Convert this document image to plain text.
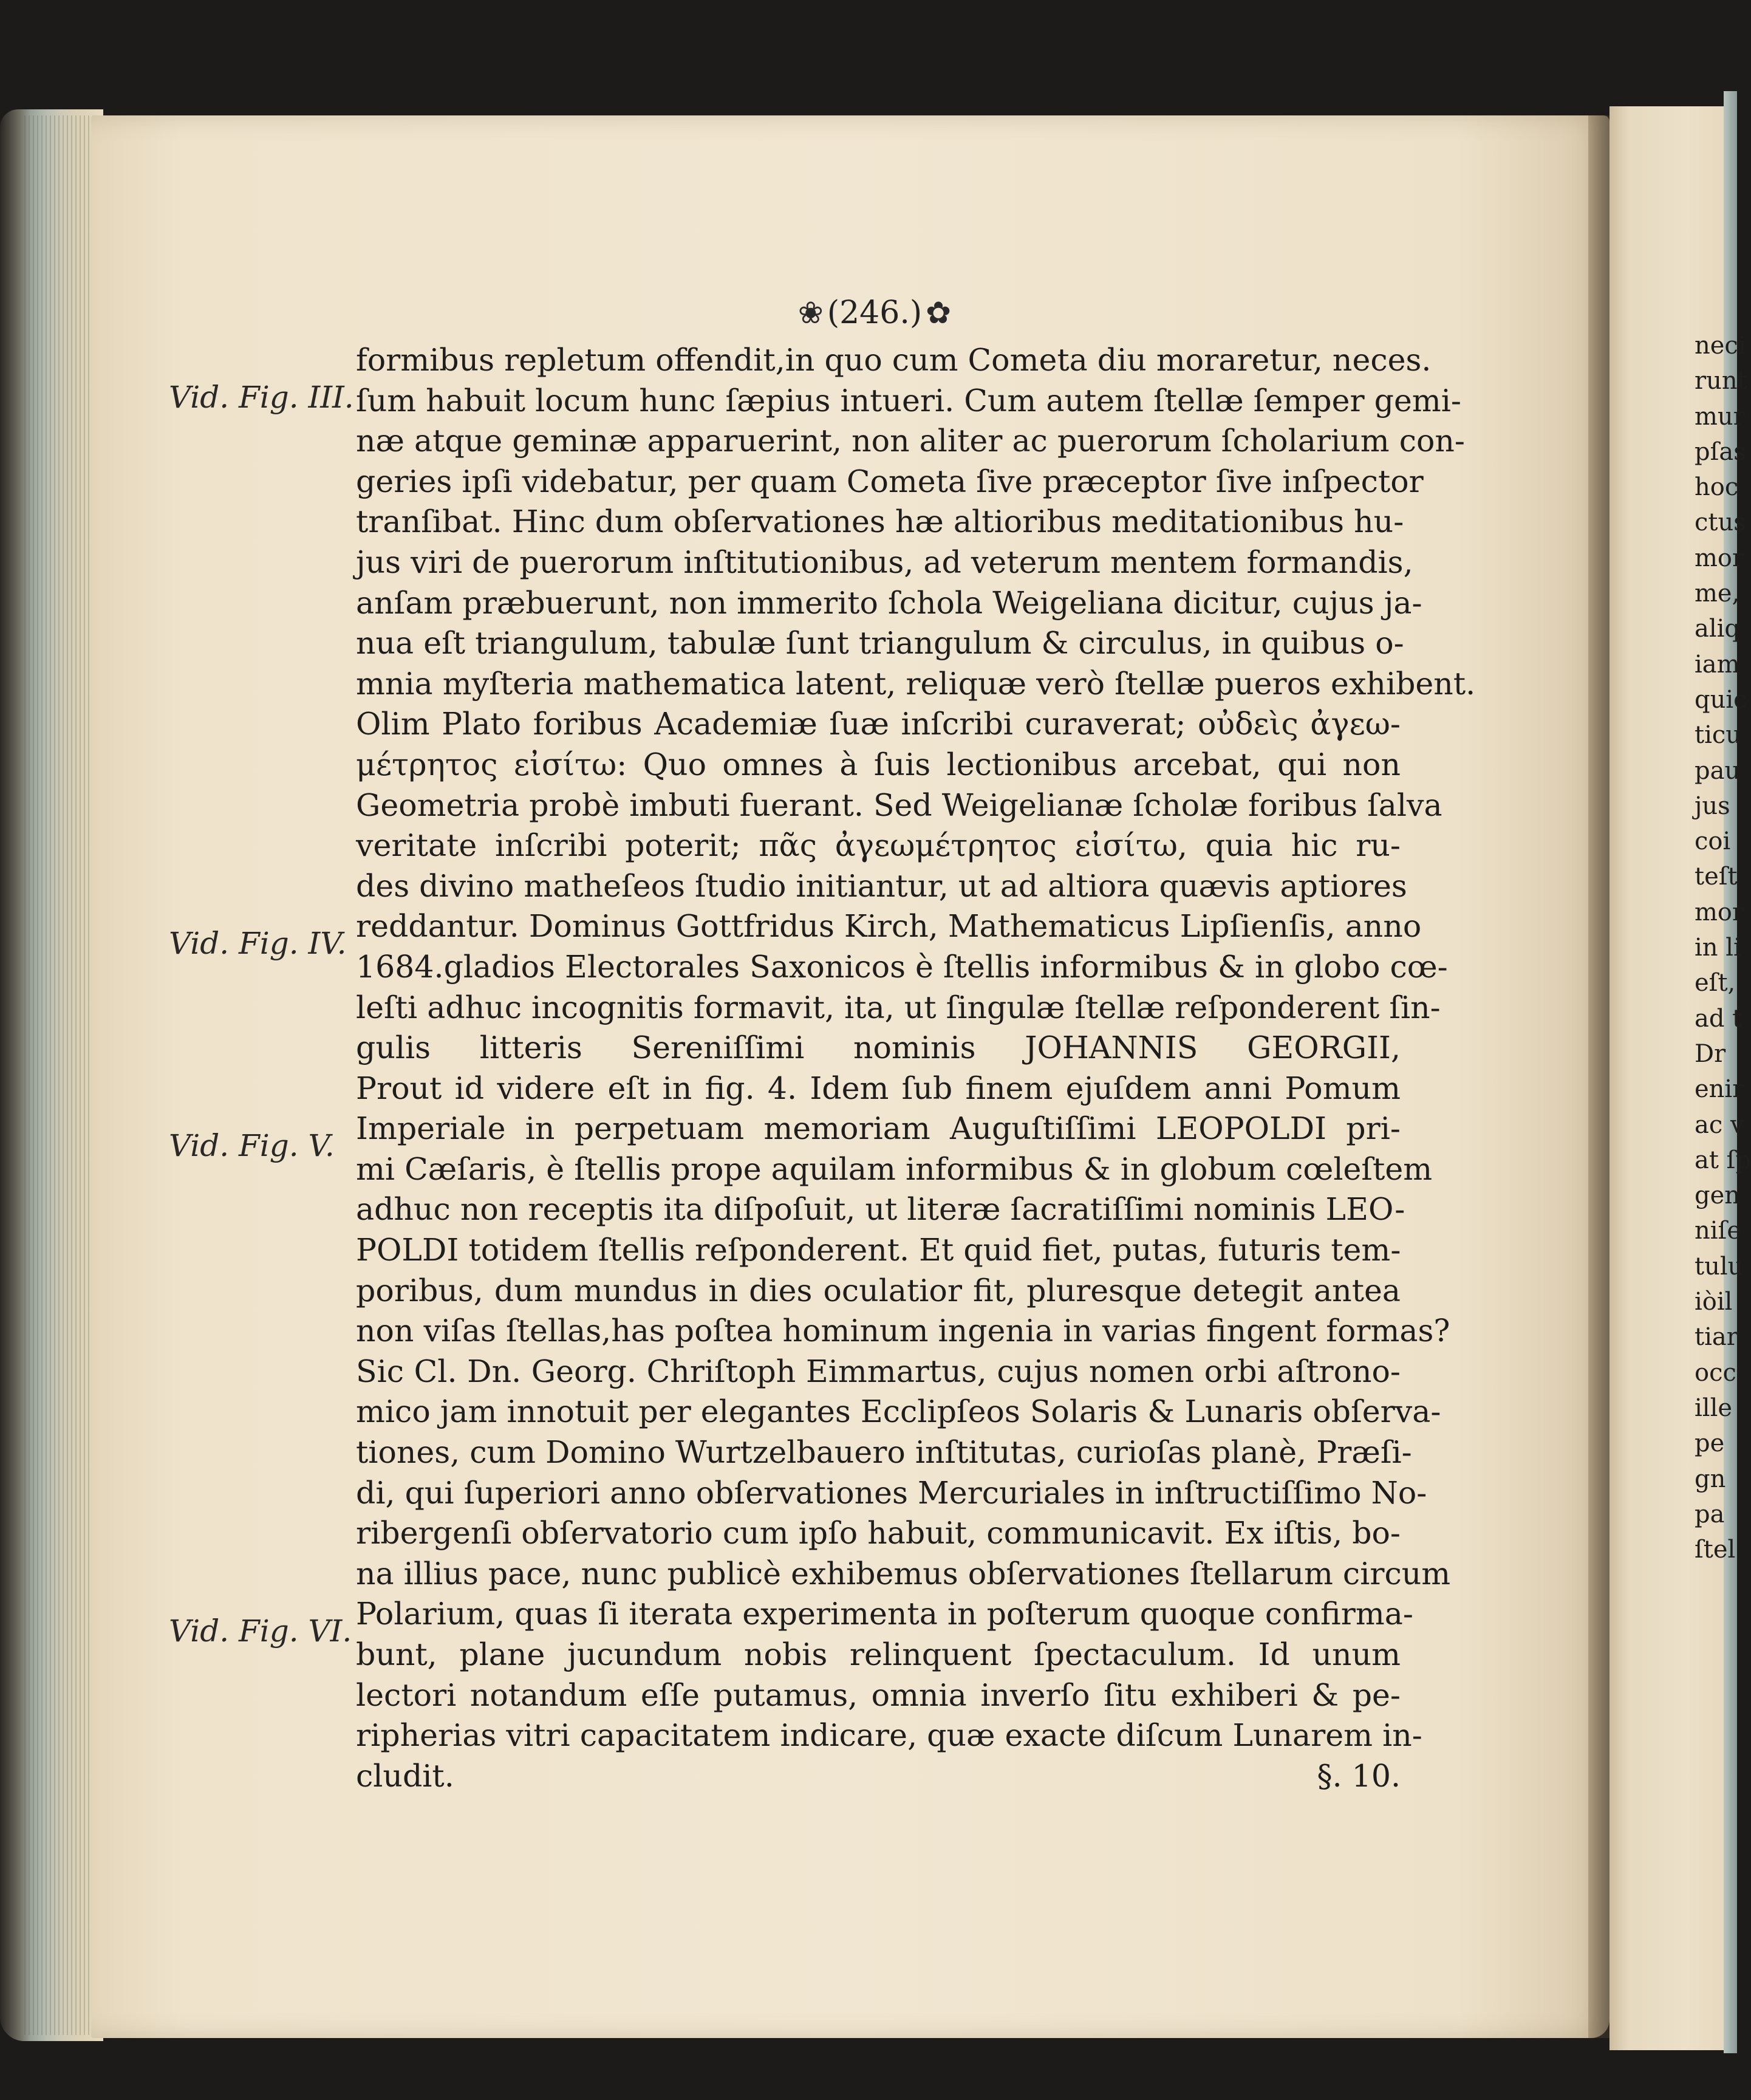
❀ (246.) ✿
Vid. Fig. III.
Vid. Fig. IV.
Vid. Fig. V.
Vid. Fig. VI.
formibus repletum offendit,in quo cum Cometa diu moraretur, neces.
ſum habuit locum hunc ſæpius intueri. Cum autem ſtellæ ſemper gemi-
næ atque geminæ apparuerint, non aliter ac puerorum ſcholarium con-
geries ipſi videbatur, per quam Cometa ſive præceptor ſive inſpector
tranſibat. Hinc dum obſervationes hæ altioribus meditationibus hu-
jus viri de puerorum inſtitutionibus, ad veterum mentem formandis,
anſam præbuerunt, non immerito ſchola Weigeliana dicitur, cujus ja-
nua eſt triangulum, tabulæ ſunt triangulum & circulus, in quibus o-
mnia myſteria mathematica latent, reliquæ verò ſtellæ pueros exhibent.
Olim Plato foribus Academiæ ſuæ inſcribi curaverat; οὐδεὶς ἀγεω-
μέτρητος εἰσίτω: Quo omnes à ſuis lectionibus arcebat, qui non
Geometria probè imbuti fuerant. Sed Weigelianæ ſcholæ foribus ſalva
veritate inſcribi poterit; πᾶς ἀγεωμέτρητος εἰσίτω, quia hic ru-
des divino matheſeos ſtudio initiantur, ut ad altiora quævis aptiores
reddantur. Dominus Gottfridus Kirch, Mathematicus Lipſienſis, anno
1684.gladios Electorales Saxonicos è ſtellis informibus & in globo cœ-
leſti adhuc incognitis formavit, ita, ut ſingulæ ſtellæ reſponderent ſin-
gulis litteris Sereniſſimi nominis JOHANNIS GEORGII,
Prout id videre eſt in fig. 4. Idem ſub finem ejuſdem anni Pomum
Imperiale in perpetuam memoriam Auguſtiſſimi LEOPOLDI pri-
mi Cæſaris, è ſtellis prope aquilam informibus & in globum cœleſtem
adhuc non receptis ita diſpoſuit, ut literæ ſacratiſſimi nominis LEO-
POLDI totidem ſtellis reſponderent. Et quid fiet, putas, futuris tem-
poribus, dum mundus in dies oculatior fit, pluresque detegit antea
non viſas ſtellas,has poſtea hominum ingenia in varias fingent formas?
Sic Cl. Dn. Georg. Chriſtoph Eimmartus, cujus nomen orbi aſtrono-
mico jam innotuit per elegantes Ecclipſeos Solaris & Lunaris obſerva-
tiones, cum Domino Wurtzelbauero inſtitutas, curioſas planè, Præſi-
di, qui ſuperiori anno obſervationes Mercuriales in inſtructiſſimo No-
ribergenſi obſervatorio cum ipſo habuit, communicavit. Ex iſtis, bo-
na illius pace, nunc publicè exhibemus obſervationes ſtellarum circum
Polarium, quas ſi iterata experimenta in poſterum quoque confirma-
bunt, plane jucundum nobis relinquent ſpectaculum. Id unum
lectori notandum eſſe putamus, omnia inverſo ſitu exhiberi & pe-
ripherias vitri capacitatem indicare, quæ exacte diſcum Lunarem in-
cludit.	§. 10.
neci
runt
mur
pſas
hoc
ctus
mor
me,
aliq
iam
quic
ticu
pau
jus
coi
teſt
mor
in li
eſt,
ad t
Dr
enir
ac v
at ſp
gen
niſe
tulu
iòil
tiar
occ
ille
pe
gn
pa
ſtel
